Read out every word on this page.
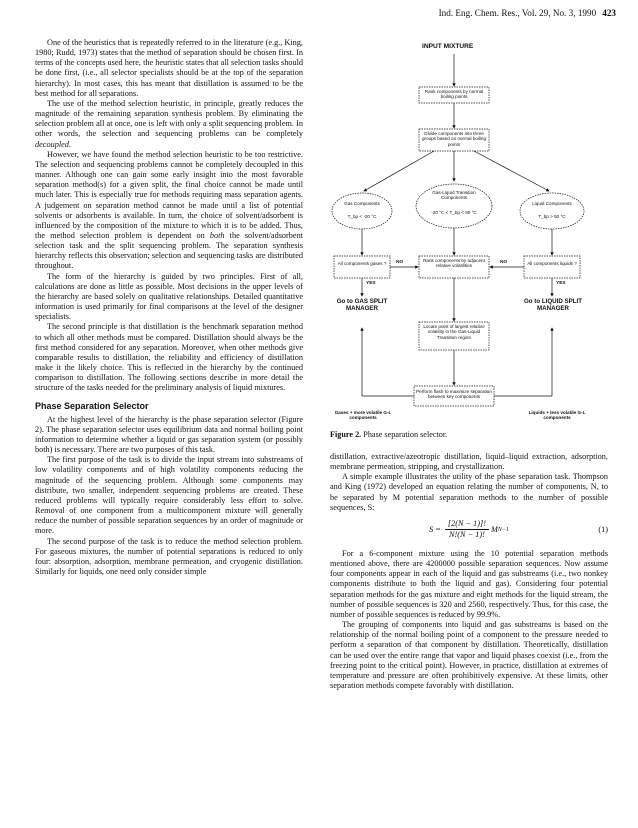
Ind. Eng. Chem. Res., Vol. 29, No. 3, 1990 423

One of the heuristics that is repeatedly referred to in the literature (e.g., King, 1980; Rudd, 1973) states that the method of separation should be chosen first. In terms of the concepts used here, the heuristic states that all selection tasks should be done first, (i.e., all selector specialists should be at the top of the separation hierarchy). In most cases, this has meant that distillation is assumed to be the best method for all separations.

The use of the method selection heuristic, in principle, greatly reduces the magnitude of the remaining separation synthesis problem. By eliminating the selection problem all at once, one is left with only a split sequencing problem. In other words, the selection and sequencing problems can be completely decoupled.

However, we have found the method selection heuristic to be too restrictive. The selection and sequencing problems cannot be completely decoupled in this manner. Although one can gain some early insight into the most favorable separation method(s) for a given split, the final choice cannot be made until much later. This is especially true for methods requiring mass separation agents. A judgement on separation method cannot be made until a list of potential solvents or adsorbents is available. In turn, the choice of solvent/adsorbent is influenced by the composition of the mixture to which it is to be added. Thus, the method selection problem is dependent on both the solvent/adsorbent selection task and the split sequencing problem. The separation synthesis hierarchy reflects this observation; selection and sequencing tasks are distributed throughout.

The form of the hierarchy is guided by two principles. First of all, calculations are done as little as possible. Most decisions in the upper levels of the hierarchy are based solely on qualitative relationships. Detailed quantitative information is used primarily for final comparisons at the level of the designer specialists.

The second principle is that distillation is the benchmark separation method to which all other methods must be compared. Distillation should always be the first method considered for any separation. Moreover, when other methods give comparable results to distillation, the reliability and efficiency of distillation make it the likely choice. This is reflected in the hierarchy by the continued comparison to distillation. The following sections describe in more detail the structure of the tasks needed for the preliminary analysis of liquid mixtures.

Phase Separation Selector

At the highest level of the hierarchy is the phase separation selector (Figure 2). The phase separation selector uses equilibrium data and normal boiling point information to determine whether a liquid or gas separation system (or possibly both) is necessary. There are two purposes of this task.

The first purpose of the task is to divide the input stream into substreams of low volatility components and of high volatility components reducing the magnitude of the sequencing problem. Although some components may distribute, two smaller, independent sequencing problems are created. These reduced problems will typically require considerably less effort to solve. Removal of one component from a multicomponent mixture will generally reduce the number of possible separation sequences by an order of magnitude or more.

The second purpose of the task is to reduce the method selection problem. For gaseous mixtures, the number of potential separations is reduced to only four: absorption, adsorption, membrane permeation, and cryogenic distillation. Similarly for liquids, one need only consider simple

INPUT MIXTURE
Rank components by normal boiling points
Divide components into three groups based on normal boiling points
Gas Components
T_bp < -20 °C
Gas-Liquid Transition Components
-20 °C < T_bp < 50 °C
Liquid Components
T_bp > 50 °C
All components gases ?
Rank components by adjacent relative volatilities	All components liquids ?
NO	NO
YES	YES
Go to GAS SPLIT MANAGER
Go to LIQUID SPLIT MANAGER
Locate point of largest relative volatility in the Gas-Liquid Transition region
Perform flash to maximize separation between key components
Gases + more volatile G-L components
Liquids + less volatile G-L components
Figure 2. Phase separation selector.

distillation, extractive/azeotropic distillation, liquid–liquid extraction, adsorption, membrane permeation, stripping, and crystallization.

A simple example illustrates the utility of the phase separation task. Thompson and King (1972) developed an equation relating the number of components, N, to be separated by M potential separation methods to the number of possible sequences, S:

$S = \frac{[2(N - 1)]!}{N!(N - 1)!}$ M N−1	(1)

For a 6-component mixture using the 10 potential separation methods mentioned above, there are 4200000 possible separation sequences. Now assume four components appear in each of the liquid and gas substreams (i.e., two nonkey components distribute to both the liquid and gas). Considering four potential separation methods for the gas mixture and eight methods for the liquid stream, the number of possible sequences is 320 and 2560, respectively. Thus, for this case, the number of possible sequences is reduced by 99.9%.

The grouping of components into liquid and gas substreams is based on the relationship of the normal boiling point of a component to the pressure needed to perform a separation of that component by distillation. Theoretically, distillation can be used over the entire range that vapor and liquid phases coexist (i.e., from the freezing point to the critical point). However, in practice, distillation at extremes of temperature and pressure are often prohibitively expensive. At these limits, other separation methods compete favorably with distillation.
